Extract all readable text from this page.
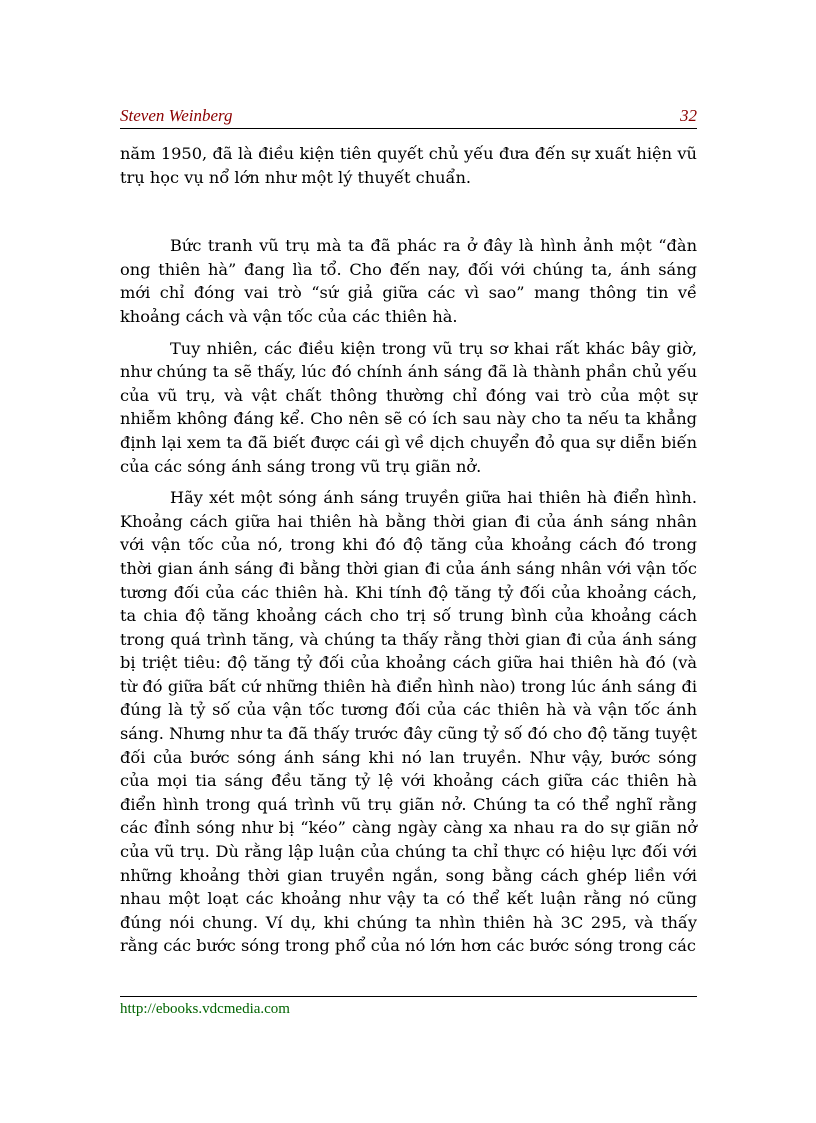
Steven Weinberg	32

năm 1950, đã là điều kiện tiên quyết chủ yếu đưa đến sự xuất hiện vũ trụ học vụ nổ lớn như một lý thuyết chuẩn.

Bức tranh vũ trụ mà ta đã phác ra ở đây là hình ảnh một “đàn ong thiên hà” đang lìa tổ. Cho đến nay, đối với chúng ta, ánh sáng mới chỉ đóng vai trò “sứ giả giữa các vì sao” mang thông tin về khoảng cách và vận tốc của các thiên hà.

Tuy nhiên, các điều kiện trong vũ trụ sơ khai rất khác bây giờ, như chúng ta sẽ thấy, lúc đó chính ánh sáng đã là thành phần chủ yếu của vũ trụ, và vật chất thông thường chỉ đóng vai trò của một sự nhiễm không đáng kể. Cho nên sẽ có ích sau này cho ta nếu ta khẳng định lại xem ta đã biết được cái gì về dịch chuyển đỏ qua sự diễn biến của các sóng ánh sáng trong vũ trụ giãn nở.

Hãy xét một sóng ánh sáng truyền giữa hai thiên hà điển hình. Khoảng cách giữa hai thiên hà bằng thời gian đi của ánh sáng nhân với vận tốc của nó, trong khi đó độ tăng của khoảng cách đó trong thời gian ánh sáng đi bằng thời gian đi của ánh sáng nhân với vận tốc tương đối của các thiên hà. Khi tính độ tăng tỷ đối của khoảng cách, ta chia độ tăng khoảng cách cho trị số trung bình của khoảng cách trong quá trình tăng, và chúng ta thấy rằng thời gian đi của ánh sáng bị triệt tiêu: độ tăng tỷ đối của khoảng cách giữa hai thiên hà đó (và từ đó giữa bất cứ những thiên hà điển hình nào) trong lúc ánh sáng đi đúng là tỷ số của vận tốc tương đối của các thiên hà và vận tốc ánh sáng. Nhưng như ta đã thấy trước đây cũng tỷ số đó cho độ tăng tuyệt đối của bước sóng ánh sáng khi nó lan truyền. Như vậy, bước sóng của mọi tia sáng đều tăng tỷ lệ với khoảng cách giữa các thiên hà điển hình trong quá trình vũ trụ giãn nở. Chúng ta có thể nghĩ rằng các đỉnh sóng như bị “kéo” càng ngày càng xa nhau ra do sự giãn nở của vũ trụ. Dù rằng lập luận của chúng ta chỉ thực có hiệu lực đối với những khoảng thời gian truyền ngắn, song bằng cách ghép liền với nhau một loạt các khoảng như vậy ta có thể kết luận rằng nó cũng đúng nói chung. Ví dụ, khi chúng ta nhìn thiên hà 3C 295, và thấy rằng các bước sóng trong phổ của nó lớn hơn các bước sóng trong các

http://ebooks.vdcmedia.com
